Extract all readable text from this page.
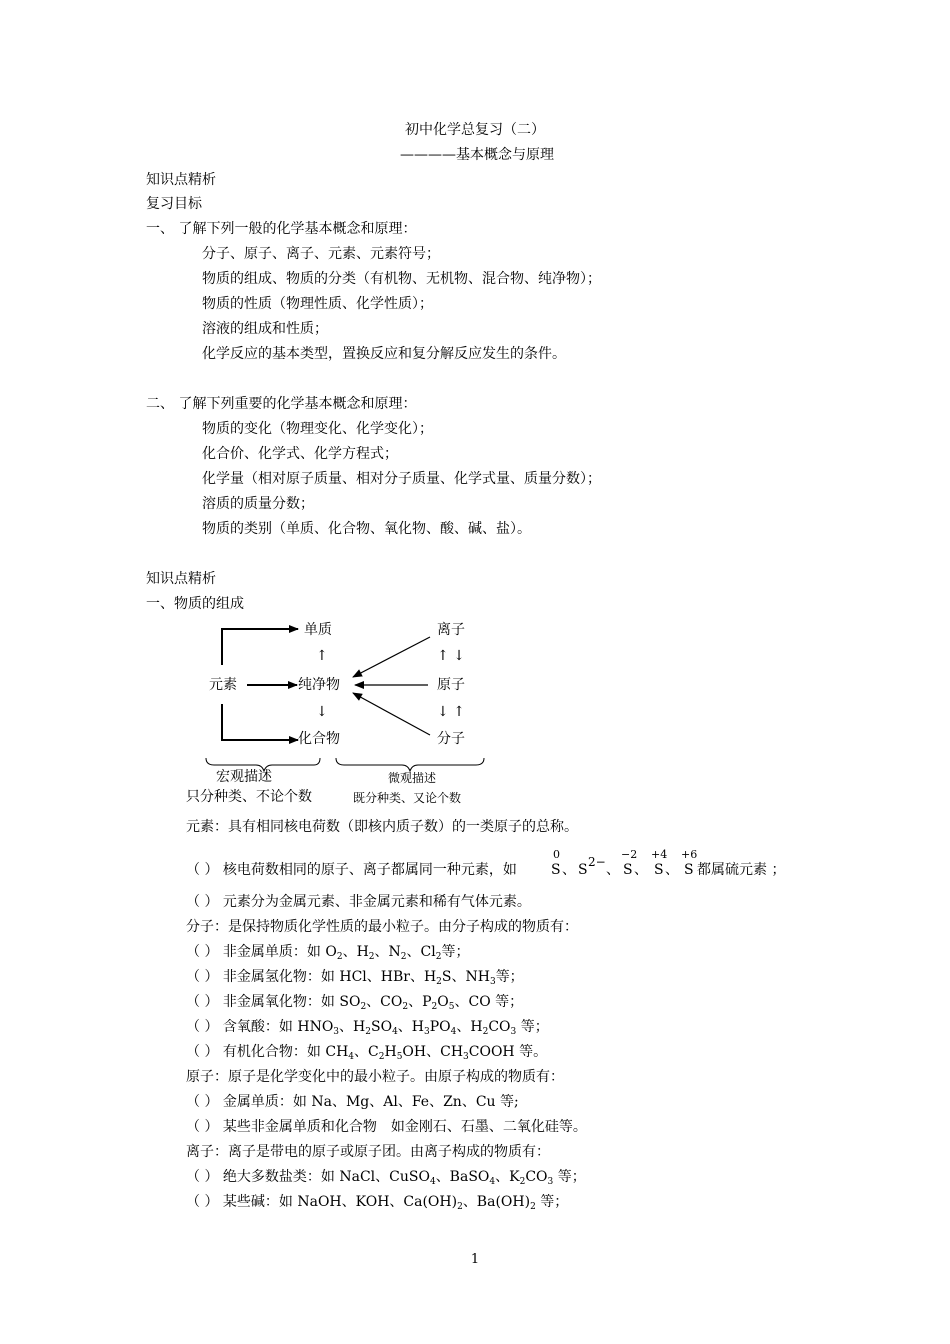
初中化学总复习（二）
————基本概念与原理
知识点精析
复习目标
一、 了解下列一般的化学基本概念和原理：
分子、原子、离子、元素、元素符号；
物质的组成、物质的分类（有机物、无机物、混合物、纯净物）；
物质的性质（物理性质、化学性质）；
溶液的组成和性质；
化学反应的基本类型，置换反应和复分解反应发生的条件。
二、 了解下列重要的化学基本概念和原理：
物质的变化（物理变化、化学变化）；
化合价、化学式、化学方程式；
化学量（相对原子质量、相对分子质量、化学式量、质量分数）；
溶质的质量分数；
物质的类别（单质、化合物、氧化物、酸、碱、盐）。
知识点精析
一、物质的组成
单质
↑
元素	纯净物
↓
化合物
离子
↑ ↓
原子
↓ ↑
分子
宏观描述
只分种类、不论个数
微观描述
既分种类、又论个数
元素：具有相同核电荷数（即核内质子数）的一类原子的总称。
（ ） 核电荷数相同的原子、离子都属同一种元素，如
0
S 、 S 2− 、
−2
S 、
+4
S 、
+6
S 都属硫元素 ；
（ ） 元素分为金属元素、非金属元素和稀有气体元素。
分子：是保持物质化学性质的最小粒子。由分子构成的物质有：
（ ） 非金属单质：如 $O_2$、$H_2$、$N_2$、$Cl_2$等；
（ ） 非金属氢化物：如 HCl、HBr、$H_2S$、$NH_3$等；
（ ） 非金属氧化物：如 $SO_2$、$CO_2$、$P_2O_5$、CO 等；
（ ） 含氧酸：如 $HNO_3$、$H_2SO_4$、$H_3PO_4$、$H_2CO_3$ 等；
（ ） 有机化合物：如 $CH_4$、$C_2H_5OH$、$CH_3COOH$ 等。
原子：原子是化学变化中的最小粒子。由原子构成的物质有：
（ ） 金属单质：如 Na、Mg、Al、Fe、Zn、Cu 等;
（ ） 某些非金属单质和化合物　如金刚石、石墨、二氧化硅等。
离子：离子是带电的原子或原子团。由离子构成的物质有：
（ ） 绝大多数盐类：如 NaCl、CuSO$_4$、BaSO$_4$、$K_2CO_3$ 等；
（ ） 某些碱：如 NaOH、KOH、$Ca(OH)_2$、$Ba(OH)_2$ 等；
1
